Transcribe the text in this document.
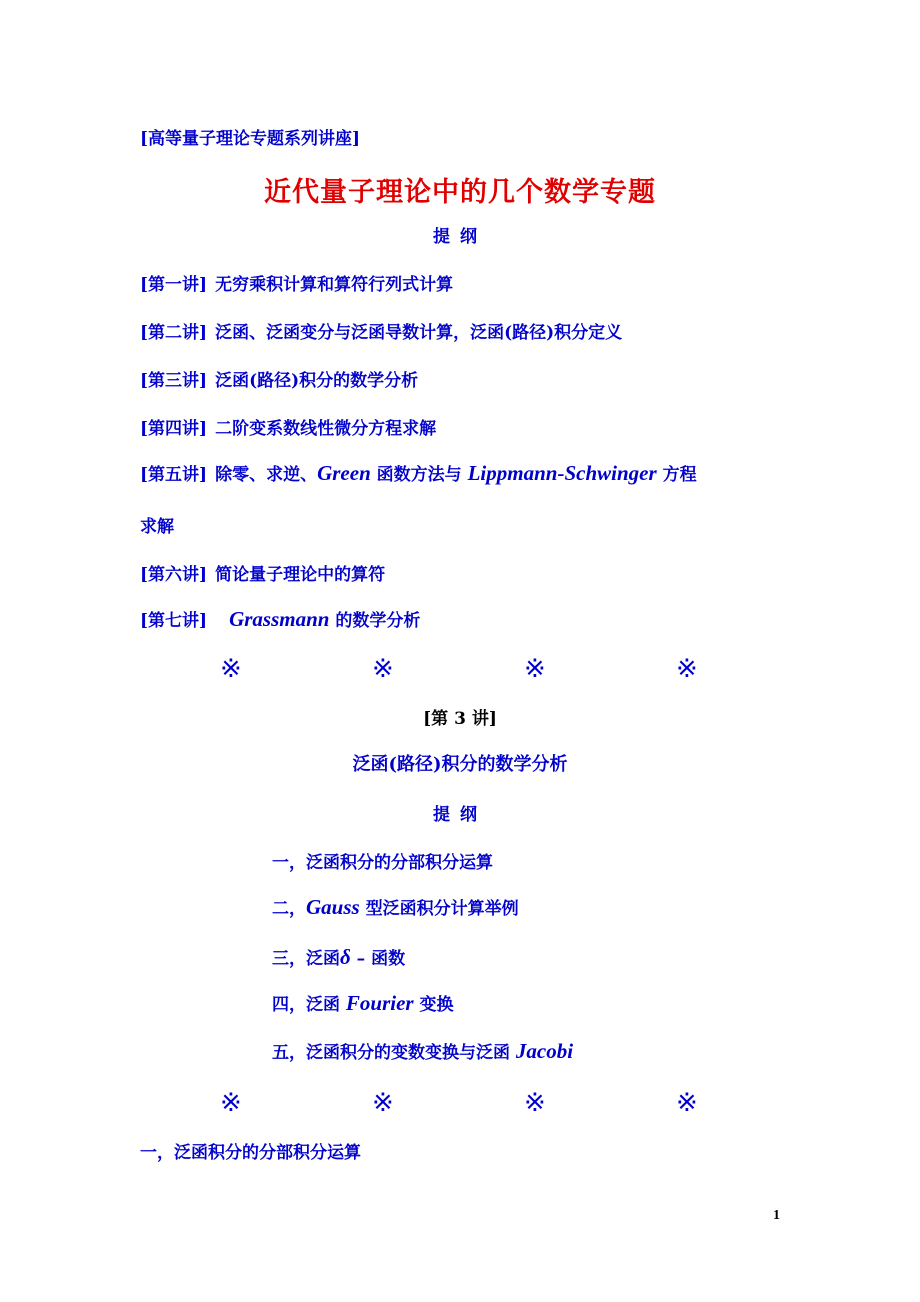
[高等量子理论专题系列讲座]
近代量子理论中的几个数学专题
提纲
[第一讲] 无穷乘积计算和算符行列式计算
[第二讲] 泛函、泛函变分与泛函导数计算，泛函(路径)积分定义
[第三讲] 泛函(路径)积分的数学分析
[第四讲] 二阶变系数线性微分方程求解
[第五讲] 除零、求逆、Green 函数方法与 Lippmann-Schwinger 方程
求解
[第六讲] 简论量子理论中的算符
[第七讲] Grassmann 的数学分析
※	※	※	※
[第 3 讲]
泛函(路径)积分的数学分析
提纲
一，泛函积分的分部积分运算
二，Gauss 型泛函积分计算举例
三，泛函δ – 函数
四，泛函 Fourier 变换
五，泛函积分的变数变换与泛函 Jacobi
※	※	※	※
一，泛函积分的分部积分运算
1
